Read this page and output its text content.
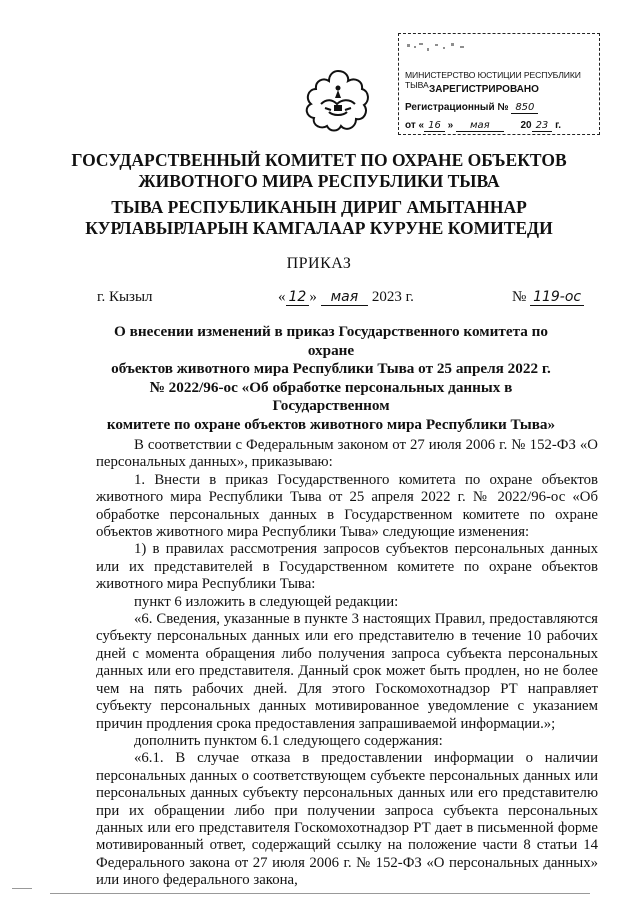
МИНИСТЕРСТВО ЮСТИЦИИ РЕСПУБЛИКИ ТЫВА ЗАРЕГИСТРИРОВАНО
Регистрационный № 850
от « 16 » мая	20 23 г.
ГОСУДАРСТВЕННЫЙ КОМИТЕТ ПО ОХРАНЕ ОБЪЕКТОВ
ЖИВОТНОГО МИРА РЕСПУБЛИКИ ТЫВА
ТЫВА РЕСПУБЛИКАНЫН ДИРИГ АМЫТАННАР
КУРЛАВЫРЛАРЫН КАМГАЛААР КУРУНЕ КОМИТЕДИ
ПРИКАЗ
г. Кызыл	« 12 » мая 2023 г.	№ 119-ос
О внесении изменений в приказ Государственного комитета по охране
объектов животного мира Республики Тыва от 25 апреля 2022 г.
№ 2022/96-ос «Об обработке персональных данных в Государственном
комитете по охране объектов животного мира Республики Тыва»

В соответствии с Федеральным законом от 27 июля 2006 г. № 152-ФЗ «О персональных данных», приказываю:

1. Внести в приказ Государственного комитета по охране объектов животного мира Республики Тыва от 25 апреля 2022 г. № 2022/96-ос «Об обработке персональных данных в Государственном комитете по охране объектов животного мира Республики Тыва» следующие изменения:

1) в правилах рассмотрения запросов субъектов персональных данных или их представителей в Государственном комитете по охране объектов животного мира Республики Тыва:

пункт 6 изложить в следующей редакции:

«6. Сведения, указанные в пункте 3 настоящих Правил, предоставляются субъекту персональных данных или его представителю в течение 10 рабочих дней с момента обращения либо получения запроса субъекта персональных данных или его представителя. Данный срок может быть продлен, но не более чем на пять рабочих дней. Для этого Госкомохотнадзор РТ направляет субъекту персональных данных мотивированное уведомление с указанием причин продления срока предоставления запрашиваемой информации.»;

дополнить пунктом 6.1 следующего содержания:

«6.1. В случае отказа в предоставлении информации о наличии персональных данных о соответствующем субъекте персональных данных или персональных данных субъекту персональных данных или его представителю при их обращении либо при получении запроса субъекта персональных данных или его представителя Госкомохотнадзор РТ дает в письменной форме мотивированный ответ, содержащий ссылку на положение части 8 статьи 14 Федерального закона от 27 июля 2006 г. № 152-ФЗ «О персональных данных» или иного федерального закона,
